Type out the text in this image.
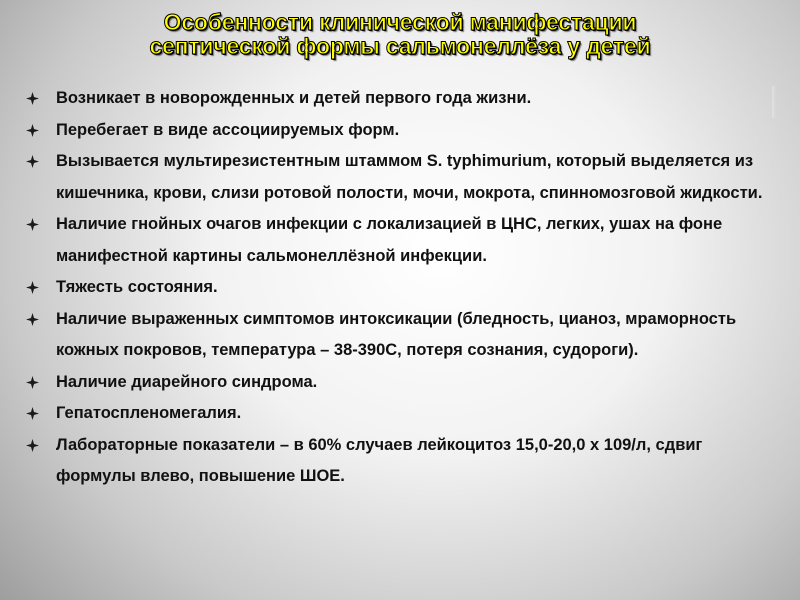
Особенности клинической манифестации
септической формы сальмонеллёза у детей
Возникает в новорожденных и детей первого года жизни.
Перебегает в виде ассоциируемых форм.
Вызывается мультирезистентным штаммом S. typhimurium, который выделяется из кишечника, крови, слизи ротовой полости, мочи, мокрота, спинномозговой жидкости.
Наличие гнойных очагов инфекции с локализацией в ЦНС, легких, ушах на фоне манифестной картины сальмонеллёзной инфекции.
Тяжесть состояния.
Наличие выраженных симптомов интоксикации (бледность, цианоз, мраморность кожных покровов, температура – 38-390С, потеря сознания, судороги).
Наличие диарейного синдрома.
Гепатоспленомегалия.
Лабораторные показатели – в 60% случаев лейкоцитоз 15,0-20,0 х 109/л, сдвиг формулы влево, повышение ШОЕ.
